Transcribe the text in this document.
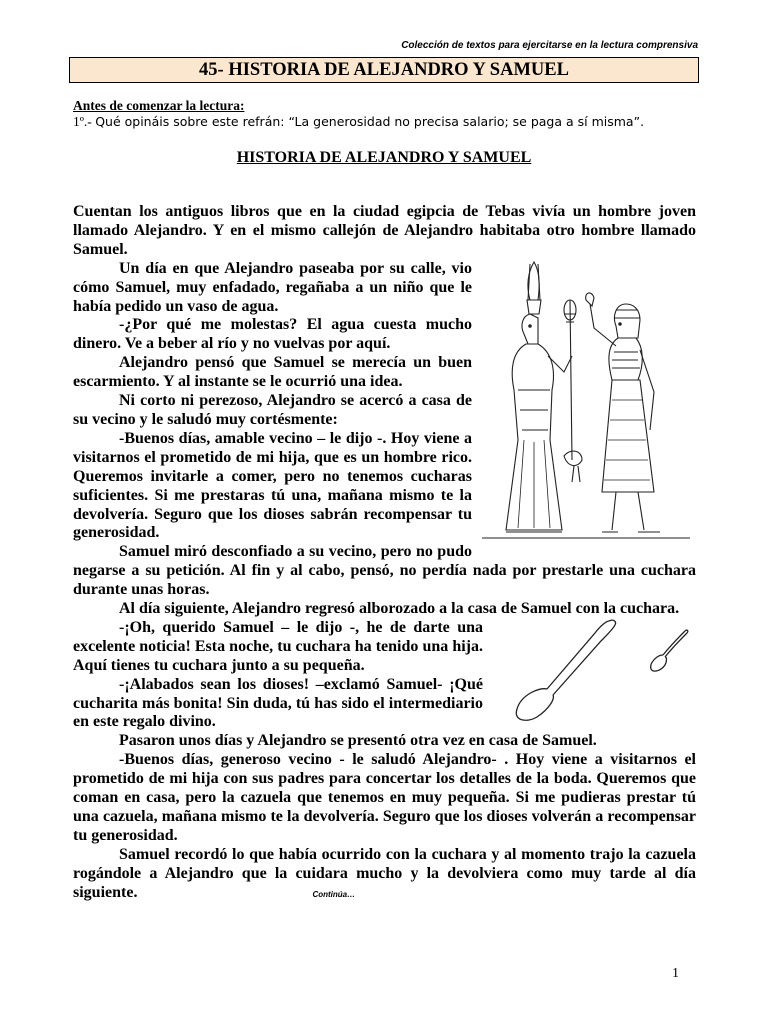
Colección de textos para ejercitarse en la lectura comprensiva
45- HISTORIA DE ALEJANDRO Y SAMUEL
Antes de comenzar la lectura:
1º.- Qué opináis sobre este refrán: “La generosidad no precisa salario; se paga a sí misma”.
HISTORIA DE ALEJANDRO Y SAMUEL

Cuentan los antiguos libros que en la ciudad egipcia de Tebas vivía un hombre joven llamado Alejandro. Y en el mismo callejón de Alejandro habitaba otro hombre llamado Samuel.

Un día en que Alejandro paseaba por su calle, vio cómo Samuel, muy enfadado, regañaba a un niño que le había pedido un vaso de agua.

-¿Por qué me molestas? El agua cuesta mucho dinero. Ve a beber al río y no vuelvas por aquí.

Alejandro pensó que Samuel se merecía un buen escarmiento. Y al instante se le ocurrió una idea.

Ni corto ni perezoso, Alejandro se acercó a casa de su vecino y le saludó muy cortésmente:

-Buenos días, amable vecino – le dijo -. Hoy viene a visitarnos el prometido de mi hija, que es un hombre rico. Queremos invitarle a comer, pero no tenemos cucharas suficientes. Si me prestaras tú una, mañana mismo te la devolvería. Seguro que los dioses sabrán recompensar tu generosidad.

Samuel miró desconfiado a su vecino, pero no pudo negarse a su petición. Al fin y al cabo, pensó, no perdía nada por prestarle una cuchara durante unas horas.

Al día siguiente, Alejandro regresó alborozado a la casa de Samuel con la cuchara.

-¡Oh, querido Samuel – le dijo -, he de darte una excelente noticia! Esta noche, tu cuchara ha tenido una hija. Aquí tienes tu cuchara junto a su pequeña.

-¡Alabados sean los dioses! –exclamó Samuel- ¡Qué cucharita más bonita! Sin duda, tú has sido el intermediario en este regalo divino.

Pasaron unos días y Alejandro se presentó otra vez en casa de Samuel.

-Buenos días, generoso vecino - le saludó Alejandro- . Hoy viene a visitarnos el prometido de mi hija con sus padres para concertar los detalles de la boda. Queremos que coman en casa, pero la cazuela que tenemos en muy pequeña. Si me pudieras prestar tú una cazuela, mañana mismo te la devolvería. Seguro que los dioses volverán a recompensar tu generosidad.

Samuel recordó lo que había ocurrido con la cuchara y al momento trajo la cazuela rogándole a Alejandro que la cuidara mucho y la devolviera como muy tarde al día siguiente.	Continúa…

1
